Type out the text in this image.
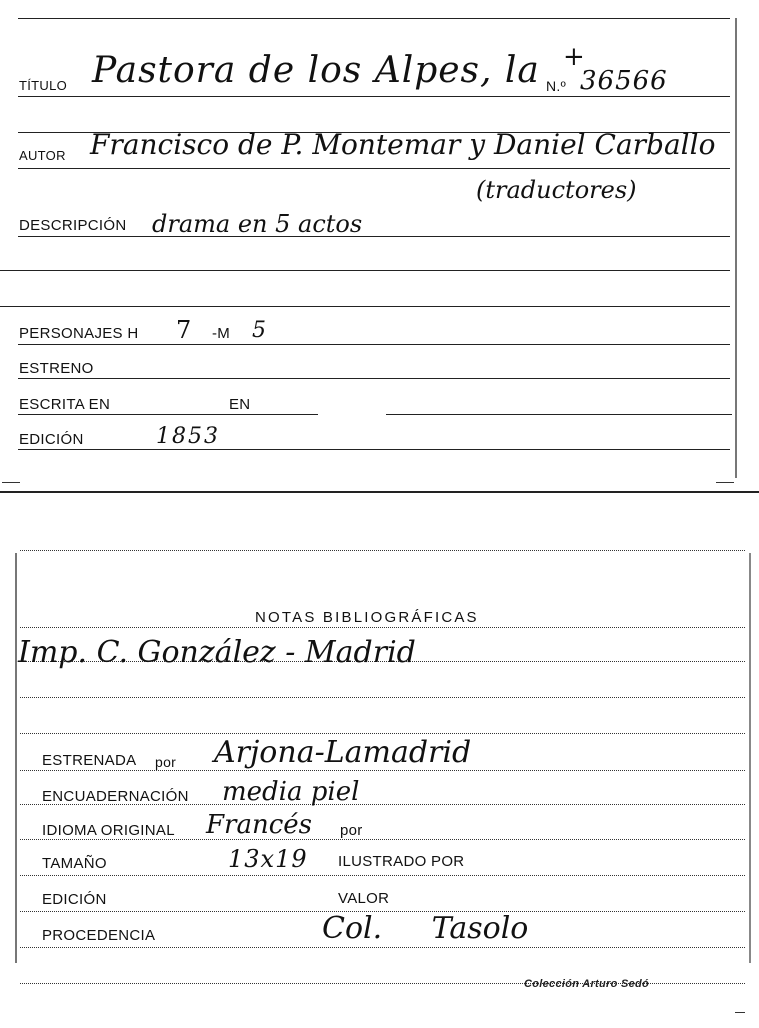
TÍTULO Pastora de los Alpes, la N.º
+
36566
AUTOR Francisco de P. Montemar y Daniel Carballo
(traductores)
DESCRIPCIÓN drama en 5 actos
PERSONAJES H 7 -M 5
ESTRENO
ESCRITA EN	EN
EDICIÓN	1853
NOTAS BIBLIOGRÁFICAS
Imp. C. González - Madrid
ESTRENADA por Arjona-Lamadrid
ENCUADERNACIÓN media piel
IDIOMA ORIGINAL Francés por
TAMAÑO	13x19 ILUSTRADO POR
EDICIÓN	VALOR
PROCEDENCIA	Col. Tasolo
Colección Arturo Sedó
